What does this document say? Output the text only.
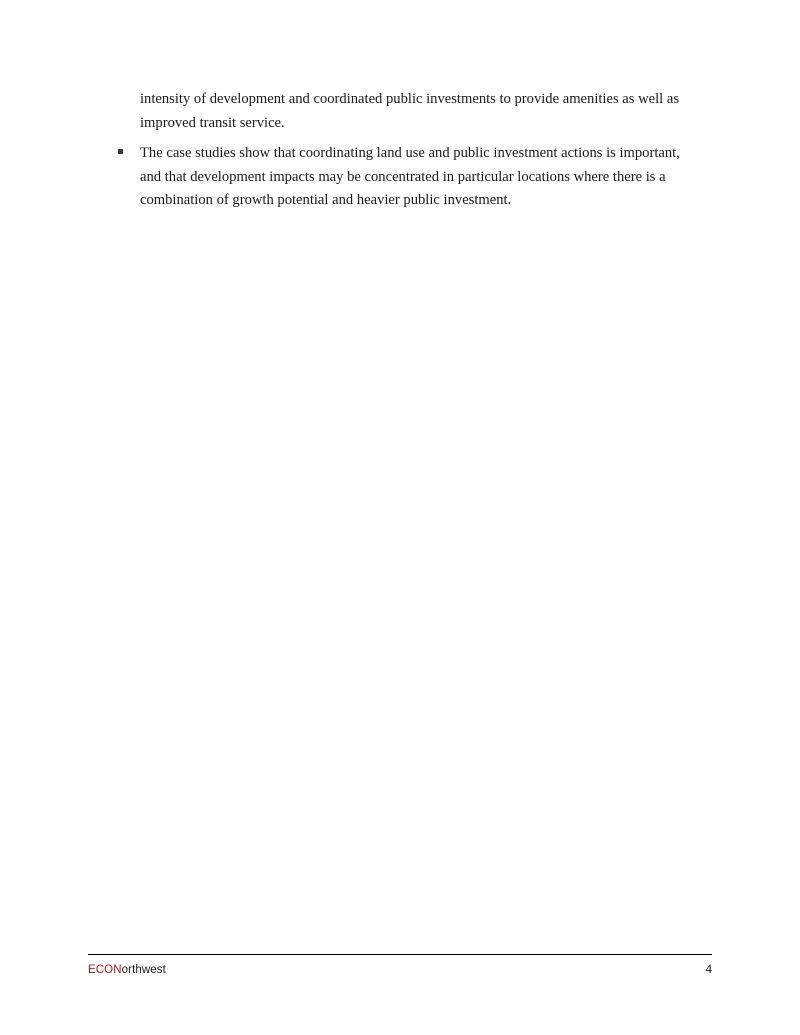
intensity of development and coordinated public investments to provide amenities as well as improved transit service.

The case studies show that coordinating land use and public investment actions is important, and that development impacts may be concentrated in particular locations where there is a combination of growth potential and heavier public investment.
ECONorthwest	4
